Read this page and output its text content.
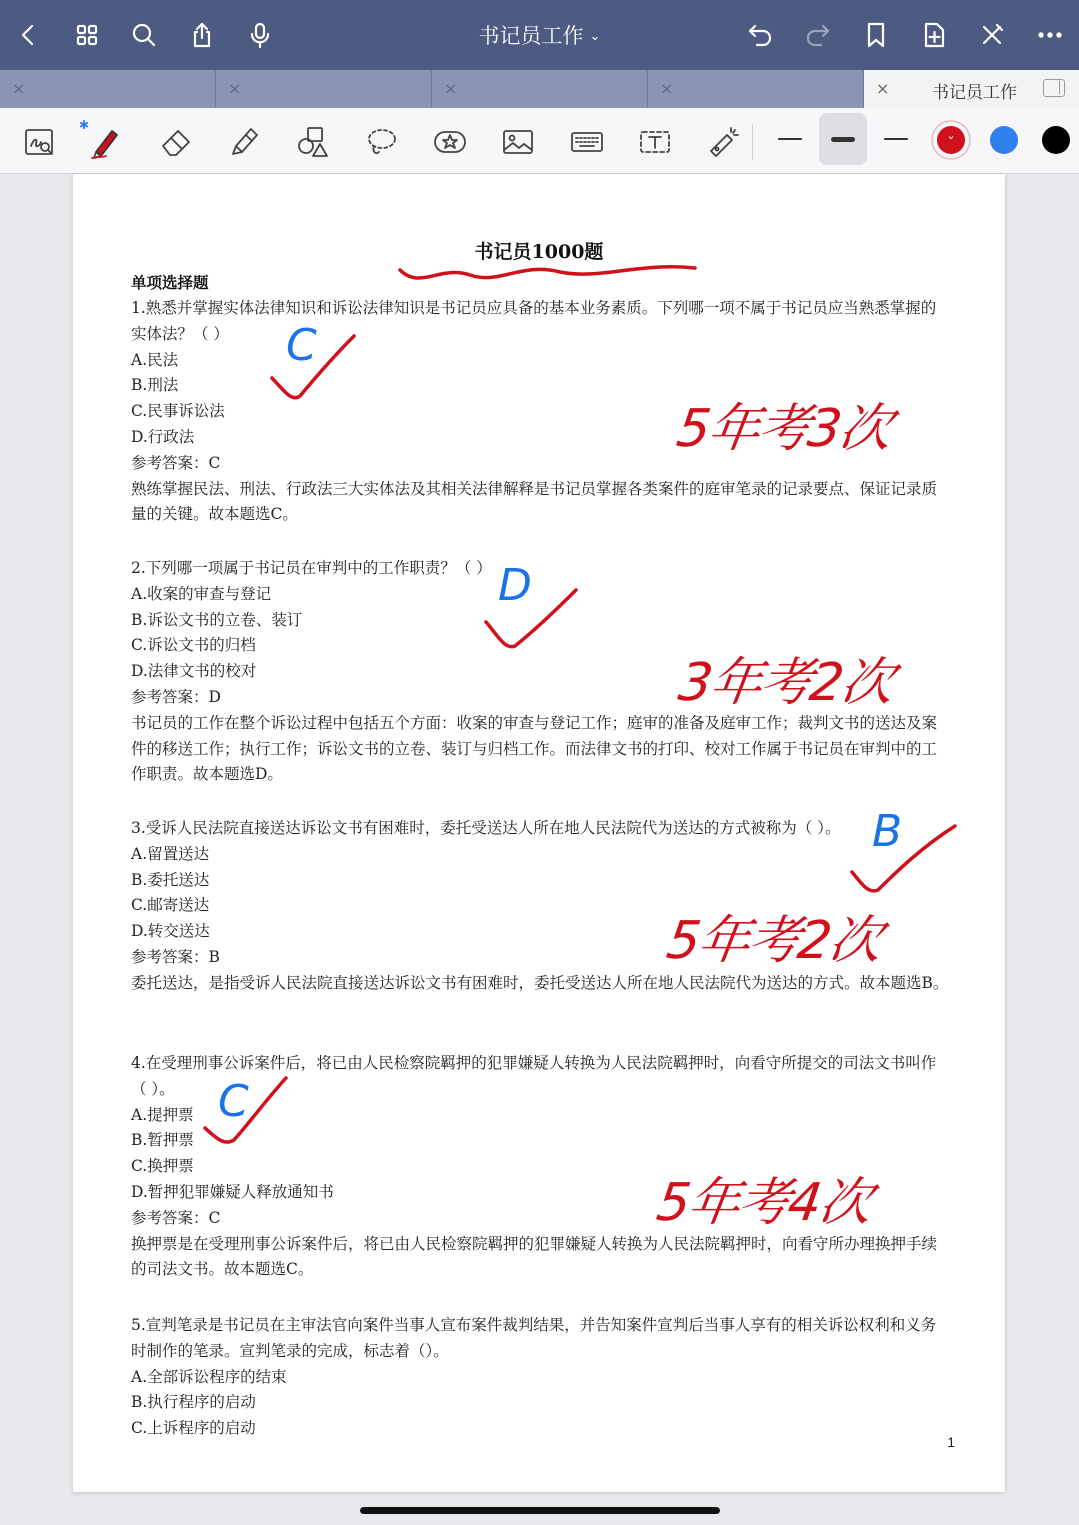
书记员工作 ⌄
×	×	×	×	×	书记员工作
✱
⌄
书记员1000题
单项选择题

1.熟悉并掌握实体法律知识和诉讼法律知识是书记员应具备的基本业务素质。下列哪一项不属于书记员应当熟悉掌握的实体法？（ ）

A.民法

B.刑法

C.民事诉讼法

D.行政法

参考答案：C

熟练掌握民法、刑法、行政法三大实体法及其相关法律解释是书记员掌握各类案件的庭审笔录的记录要点、保证记录质量的关键。故本题选C。

2.下列哪一项属于书记员在审判中的工作职责？（ ）

A.收案的审查与登记

B.诉讼文书的立卷、装订

C.诉讼文书的归档

D.法律文书的校对

参考答案：D

书记员的工作在整个诉讼过程中包括五个方面：收案的审查与登记工作；庭审的准备及庭审工作；裁判文书的送达及案件的移送工作；执行工作；诉讼文书的立卷、装订与归档工作。而法律文书的打印、校对工作属于书记员在审判中的工作职责。故本题选D。

3.受诉人民法院直接送达诉讼文书有困难时，委托受送达人所在地人民法院代为送达的方式被称为（ ）。

A.留置送达

B.委托送达

C.邮寄送达

D.转交送达

参考答案：B

委托送达，是指受诉人民法院直接送达诉讼文书有困难时，委托受送达人所在地人民法院代为送达的方式。故本题选B。

4.在受理刑事公诉案件后，将已由人民检察院羁押的犯罪嫌疑人转换为人民法院羁押时，向看守所提交的司法文书叫作（ ）。

A.提押票

B.暂押票

C.换押票

D.暂押犯罪嫌疑人释放通知书

参考答案：C

换押票是在受理刑事公诉案件后，将已由人民检察院羁押的犯罪嫌疑人转换为人民法院羁押时，向看守所办理换押手续的司法文书。故本题选C。

5.宣判笔录是书记员在主审法官向案件当事人宣布案件裁判结果，并告知案件宣判后当事人享有的相关诉讼权利和义务时制作的笔录。宣判笔录的完成，标志着（）。

A.全部诉讼程序的结束

B.执行程序的启动

C.上诉程序的启动

1
C
D
B
C
5年考3次
3年考2次
5年考2次
5年考4次
